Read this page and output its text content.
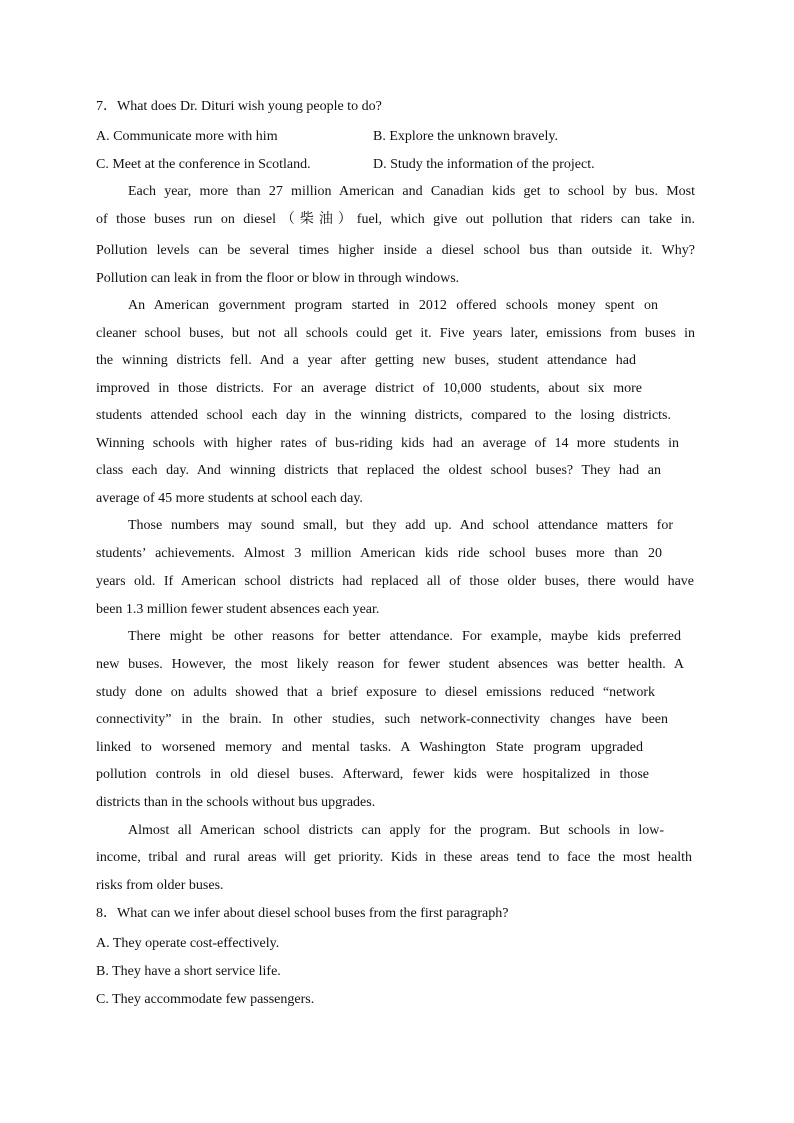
7．What does Dr. Dituri wish young people to do?
A. Communicate more with him	B. Explore the unknown bravely.
C. Meet at the conference in Scotland.	D. Study the information of the project.
Each year, more than 27 million American and Canadian kids get to school by bus. Most
of those buses run on diesel（柴油）fuel, which give out pollution that riders can take in.
Pollution levels can be several times higher inside a diesel school bus than outside it. Why?
Pollution can leak in from the floor or blow in through windows.
An American government program started in 2012 offered schools money spent on
cleaner school buses, but not all schools could get it. Five years later, emissions from buses in
the winning districts fell. And a year after getting new buses, student attendance had
improved in those districts. For an average district of 10,000 students, about six more
students attended school each day in the winning districts, compared to the losing districts.
Winning schools with higher rates of bus-riding kids had an average of 14 more students in
class each day. And winning districts that replaced the oldest school buses? They had an
average of 45 more students at school each day.
Those numbers may sound small, but they add up. And school attendance matters for
students’ achievements. Almost 3 million American kids ride school buses more than 20
years old. If American school districts had replaced all of those older buses, there would have
been 1.3 million fewer student absences each year.
There might be other reasons for better attendance. For example, maybe kids preferred
new buses. However, the most likely reason for fewer student absences was better health. A
study done on adults showed that a brief exposure to diesel emissions reduced “network
connectivity” in the brain. In other studies, such network-connectivity changes have been
linked to worsened memory and mental tasks. A Washington State program upgraded
pollution controls in old diesel buses. Afterward, fewer kids were hospitalized in those
districts than in the schools without bus upgrades.
Almost all American school districts can apply for the program. But schools in low-
income, tribal and rural areas will get priority. Kids in these areas tend to face the most health
risks from older buses.
8．What can we infer about diesel school buses from the first paragraph?
A. They operate cost-effectively.
B. They have a short service life.
C. They accommodate few passengers.
